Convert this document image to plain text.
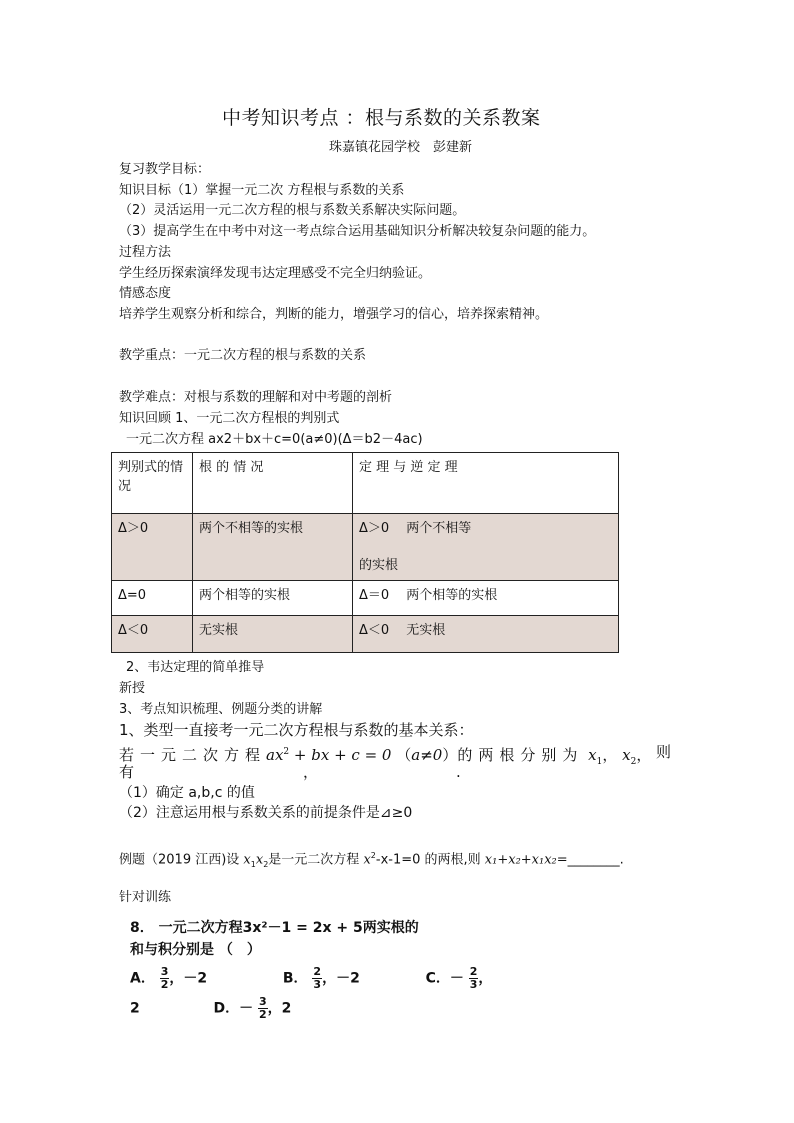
中考知识考点 ：根与系数的关系教案
珠嘉镇花园学校　彭建新
复习教学目标：
知识目标（1）掌握一元二次 方程根与系数的关系
（2）灵活运用一元二次方程的根与系数关系解决实际问题。
（3）提高学生在中考中对这一考点综合运用基础知识分析解决较复杂问题的能力。
过程方法
学生经历探索演绎发现韦达定理感受不完全归纳验证。
情感态度
培养学生观察分析和综合，判断的能力，增强学习的信心，培养探索精神。
教学重点：一元二次方程的根与系数的关系
教学难点：对根与系数的理解和对中考题的剖析
知识回顾 1、一元二次方程根的判别式
一元二次方程 ax2＋bx＋c=0(a≠0)(Δ＝b2－4ac)
判别式的情况	根 的 情 况	定 理 与 逆 定 理
Δ＞0	两个不相等的实根	Δ＞0　 两个不相等
的实根

Δ=0	两个相等的实根	Δ＝0　 两个相等的实根
Δ＜0	无实根	Δ＜0　 无实根
2、韦达定理的简单推导
新授
3、考点知识梳理、例题分类的讲解
1、类型一直接考一元二次方程根与系数的基本关系：
若一元二次方程$ax^2$ + bx + c = 0 （a≠0）的两根分别为 $x_1$， $x_2$， 则
有	，	.
（1）确定 a,b,c 的值
（2）注意运用根与系数关系的前提条件是⊿≥0
例题（2019 江西)设 $x_1x_2$是一元二次方程 $x^2-x-1=0$ 的两根,则 x₁+x₂+x₁x₂=________.
针对训练
8． 一元二次方程3x²－1 = 2x + 5两实根的
和与积分别是 （　）
A． $\frac{3}{2}$ ，－2	B． $\frac{2}{3}$ ，－2	C．－ $\frac{2}{3}$ ，
2	D．－ $\frac{3}{2}$ ，2
